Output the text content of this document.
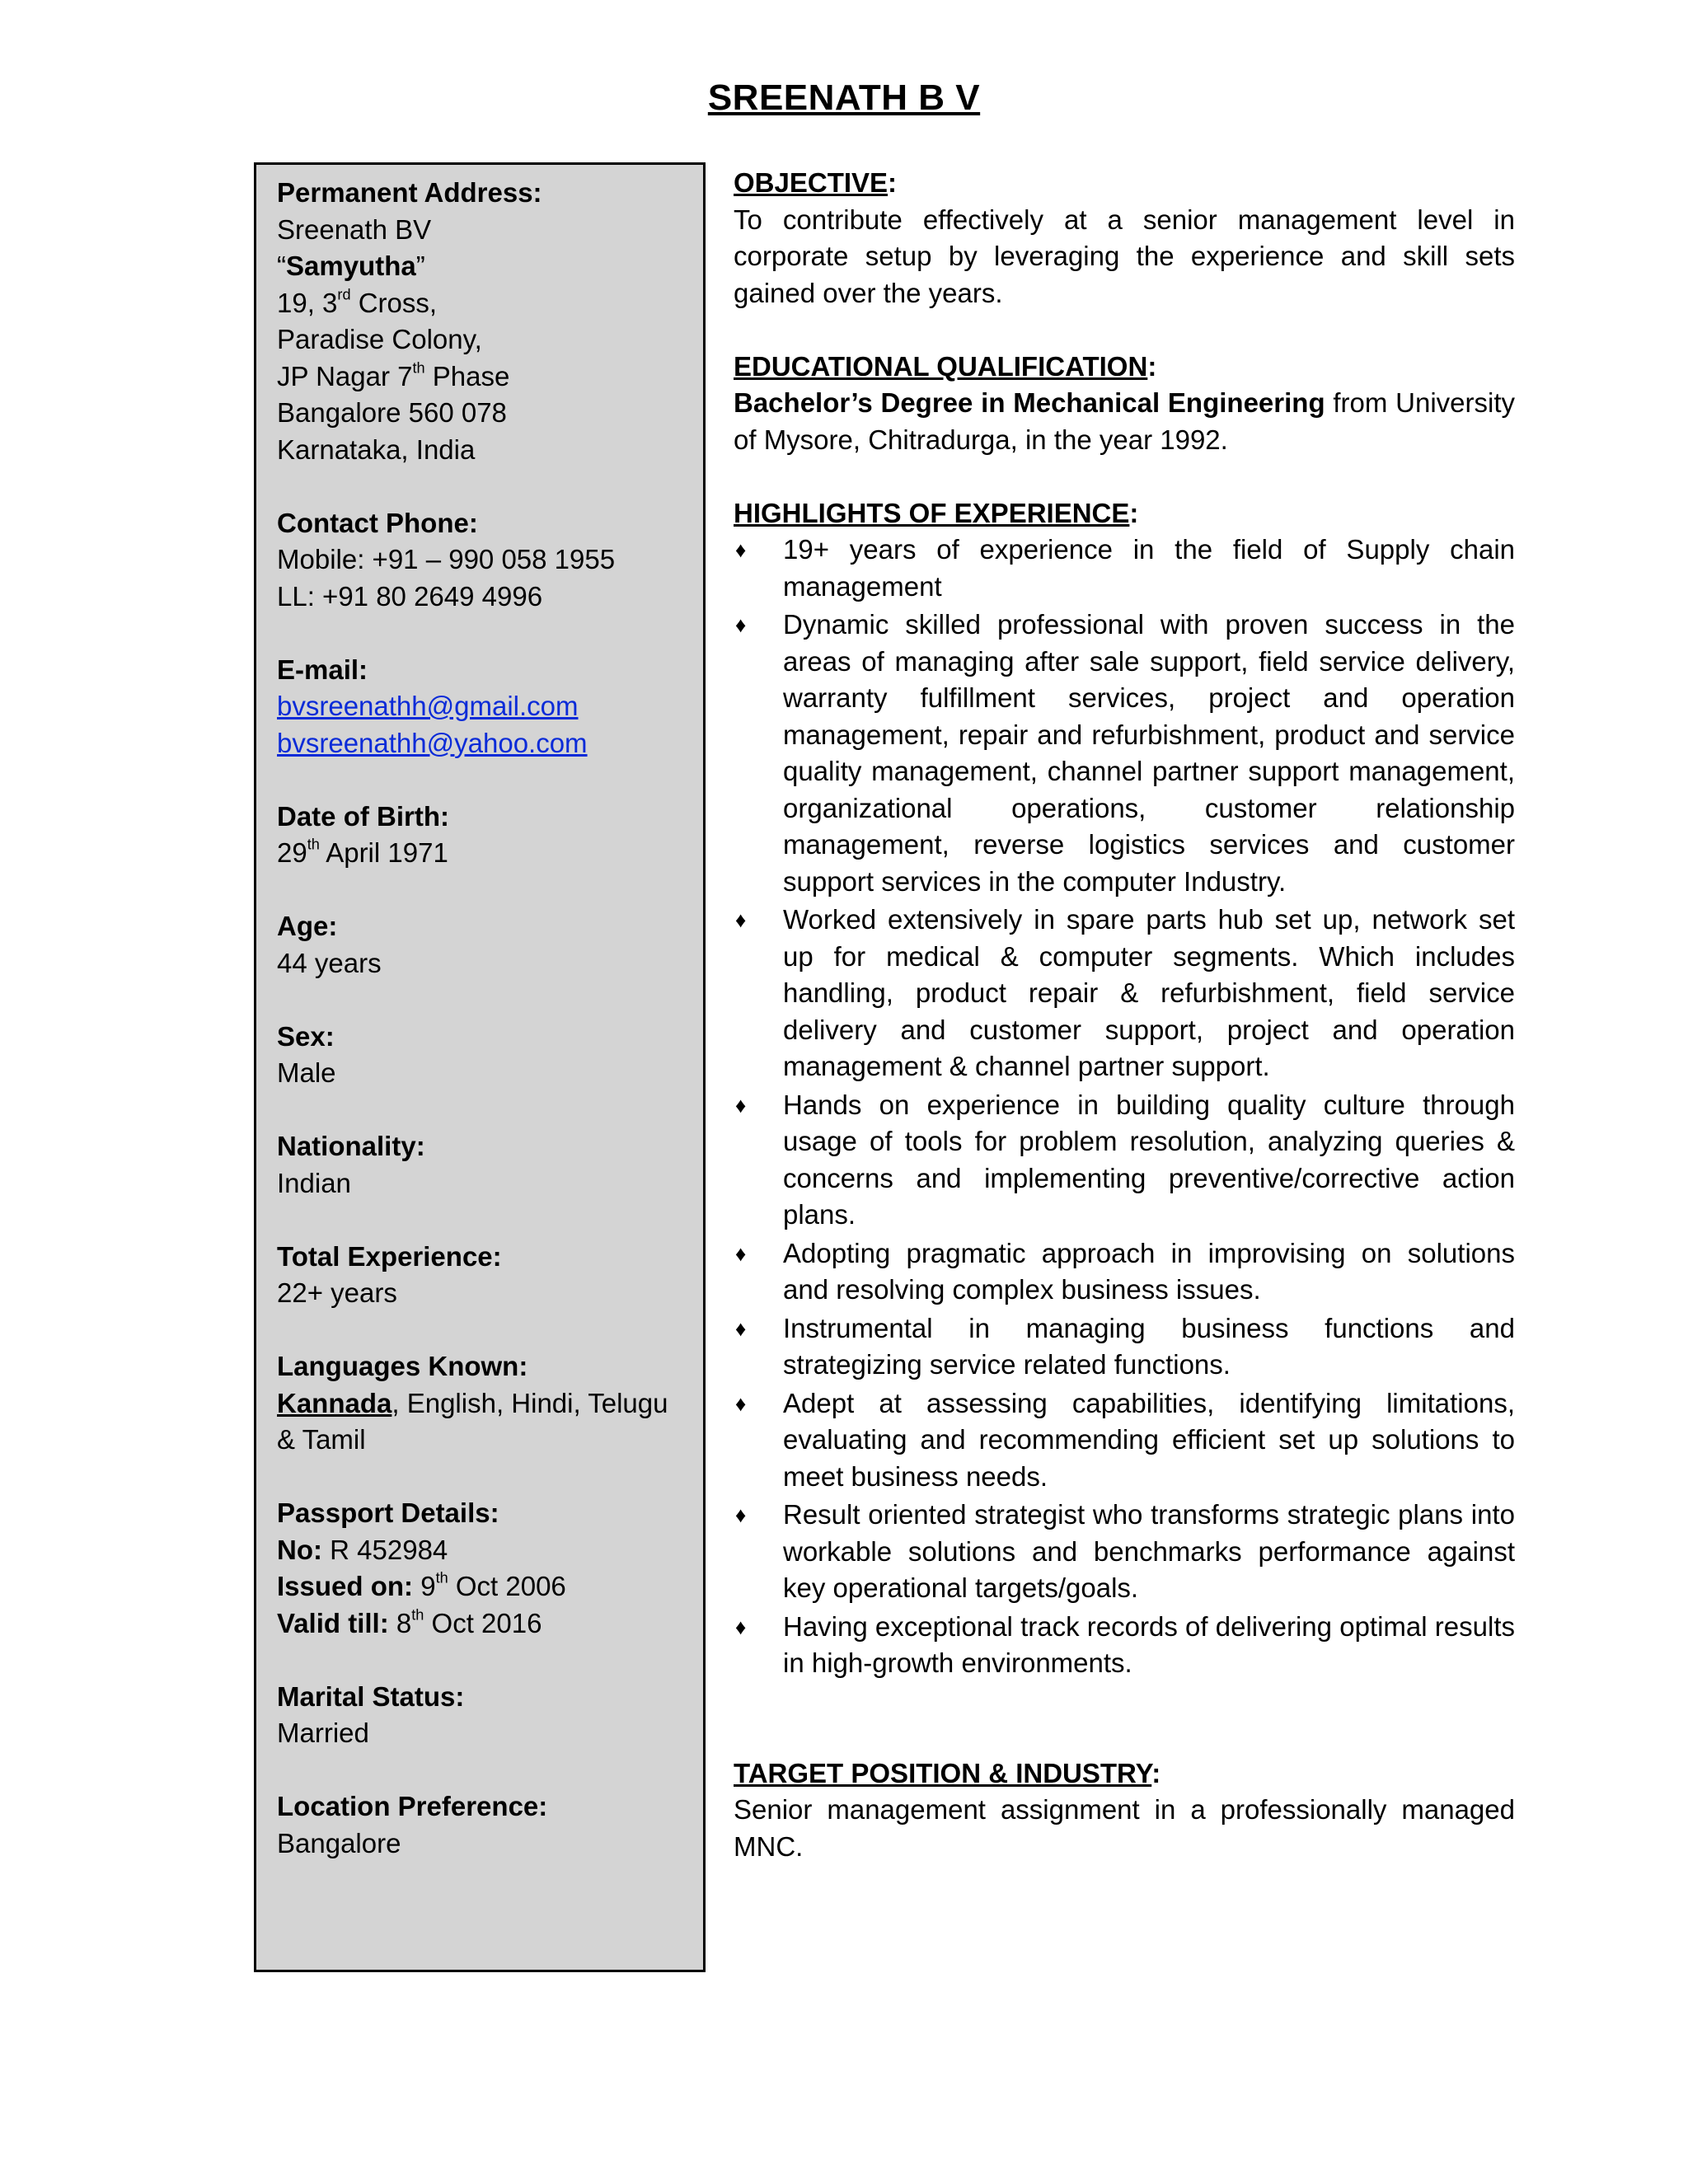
SREENATH B V
Permanent Address:
Sreenath BV
“Samyutha”
19, 3rd Cross,
Paradise Colony,
JP Nagar 7th Phase
Bangalore 560 078
Karnataka, India
Contact Phone:
Mobile: +91 – 990 058 1955
LL: +91 80 2649 4996
E-mail:
bvsreenathh@gmail.com
bvsreenathh@yahoo.com
Date of Birth:
29th April 1971
Age:
44 years
Sex:
Male
Nationality:
Indian
Total Experience:
22+ years
Languages Known:
Kannada, English, Hindi, Telugu & Tamil
Passport Details:
No: R 452984
Issued on: 9th Oct 2006
Valid till: 8th Oct 2016
Marital Status:
Married
Location Preference:
Bangalore
OBJECTIVE:

To contribute effectively at a senior management level in corporate setup by leveraging the experience and skill sets gained over the years.

EDUCATIONAL QUALIFICATION:

Bachelor’s Degree in Mechanical Engineering from University of Mysore, Chitradurga, in the year 1992.

HIGHLIGHTS OF EXPERIENCE:
♦ 19+ years of experience in the field of Supply chain management
♦ Dynamic skilled professional with proven success in the areas of managing after sale support, field service delivery, warranty fulfillment services, project and operation management, repair and refurbishment, product and service quality management, channel partner support management, organizational operations, customer relationship management, reverse logistics services and customer support services in the computer Industry.
♦ Worked extensively in spare parts hub set up, network set up for medical & computer segments. Which includes handling, product repair & refurbishment, field service delivery and customer support, project and operation management & channel partner support.
♦ Hands on experience in building quality culture through usage of tools for problem resolution, analyzing queries & concerns and implementing preventive/corrective action plans.
♦ Adopting pragmatic approach in improvising on solutions and resolving complex business issues.
♦ Instrumental in managing business functions and strategizing service related functions.
♦ Adept at assessing capabilities, identifying limitations, evaluating and recommending efficient set up solutions to meet business needs.
♦ Result oriented strategist who transforms strategic plans into workable solutions and benchmarks performance against key operational targets/goals.
♦ Having exceptional track records of delivering optimal results in high-growth environments.
TARGET POSITION & INDUSTRY:

Senior management assignment in a professionally managed MNC.
